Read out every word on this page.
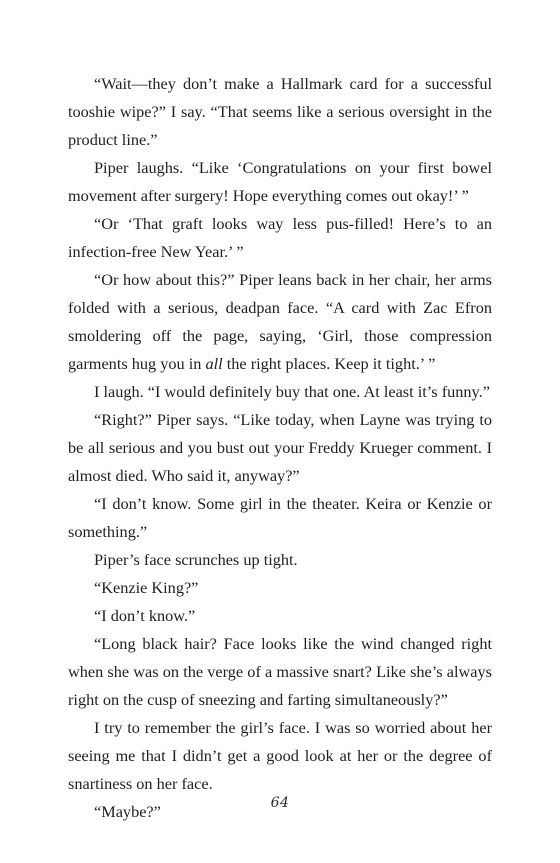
“Wait—they don’t make a Hallmark card for a successful tooshie wipe?” I say. “That seems like a serious oversight in the product line.”

Piper laughs. “Like ‘Congratulations on your first bowel movement after surgery! Hope everything comes out okay!’ ”

“Or ‘That graft looks way less pus-filled! Here’s to an infection-free New Year.’ ”

“Or how about this?” Piper leans back in her chair, her arms folded with a serious, deadpan face. “A card with Zac Efron smoldering off the page, saying, ‘Girl, those compression garments hug you in all the right places. Keep it tight.’ ”

I laugh. “I would definitely buy that one. At least it’s funny.”

“Right?” Piper says. “Like today, when Layne was trying to be all serious and you bust out your Freddy Krueger comment. I almost died. Who said it, anyway?”

“I don’t know. Some girl in the theater. Keira or Kenzie or something.”

Piper’s face scrunches up tight.

“Kenzie King?”

“I don’t know.”

“Long black hair? Face looks like the wind changed right when she was on the verge of a massive snart? Like she’s always right on the cusp of sneezing and farting simultaneously?”

I try to remember the girl’s face. I was so worried about her seeing me that I didn’t get a good look at her or the degree of snartiness on her face.

“Maybe?”	64
